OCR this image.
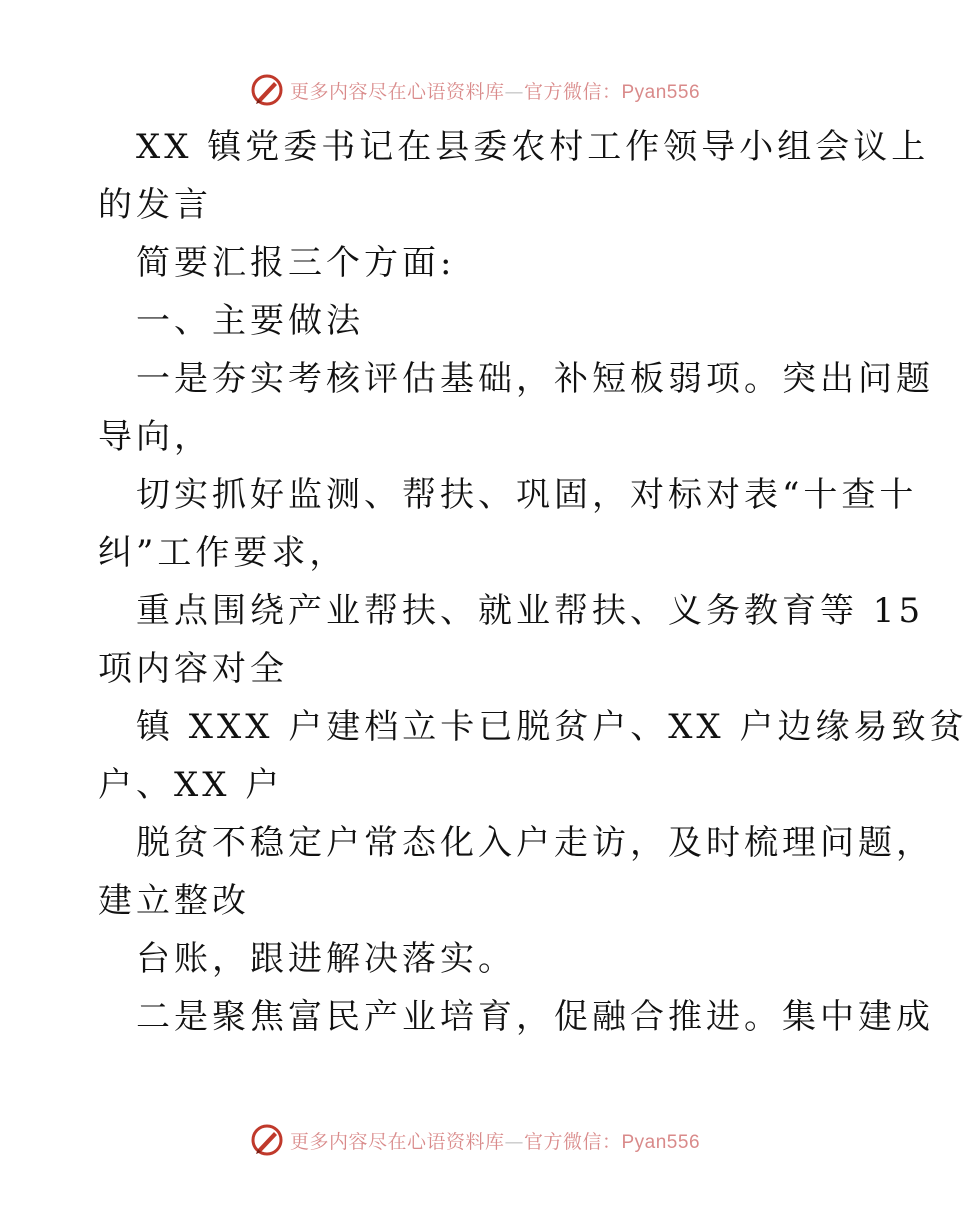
更多内容尽在心语资料库—官方微信：Pyan556
XX 镇党委书记在县委农村工作领导小组会议上
的发言
简要汇报三个方面:
一、主要做法
一是夯实考核评估基础，补短板弱项。突出问题
导向，
切实抓好监测、帮扶、巩固，对标对表“十查十
纠”工作要求，
重点围绕产业帮扶、就业帮扶、义务教育等 15
项内容对全
镇 XXX 户建档立卡已脱贫户、XX 户边缘易致贫
户、XX 户
脱贫不稳定户常态化入户走访，及时梳理问题，
建立整改
台账，跟进解决落实。
二是聚焦富民产业培育，促融合推进。集中建成
更多内容尽在心语资料库—官方微信：Pyan556
